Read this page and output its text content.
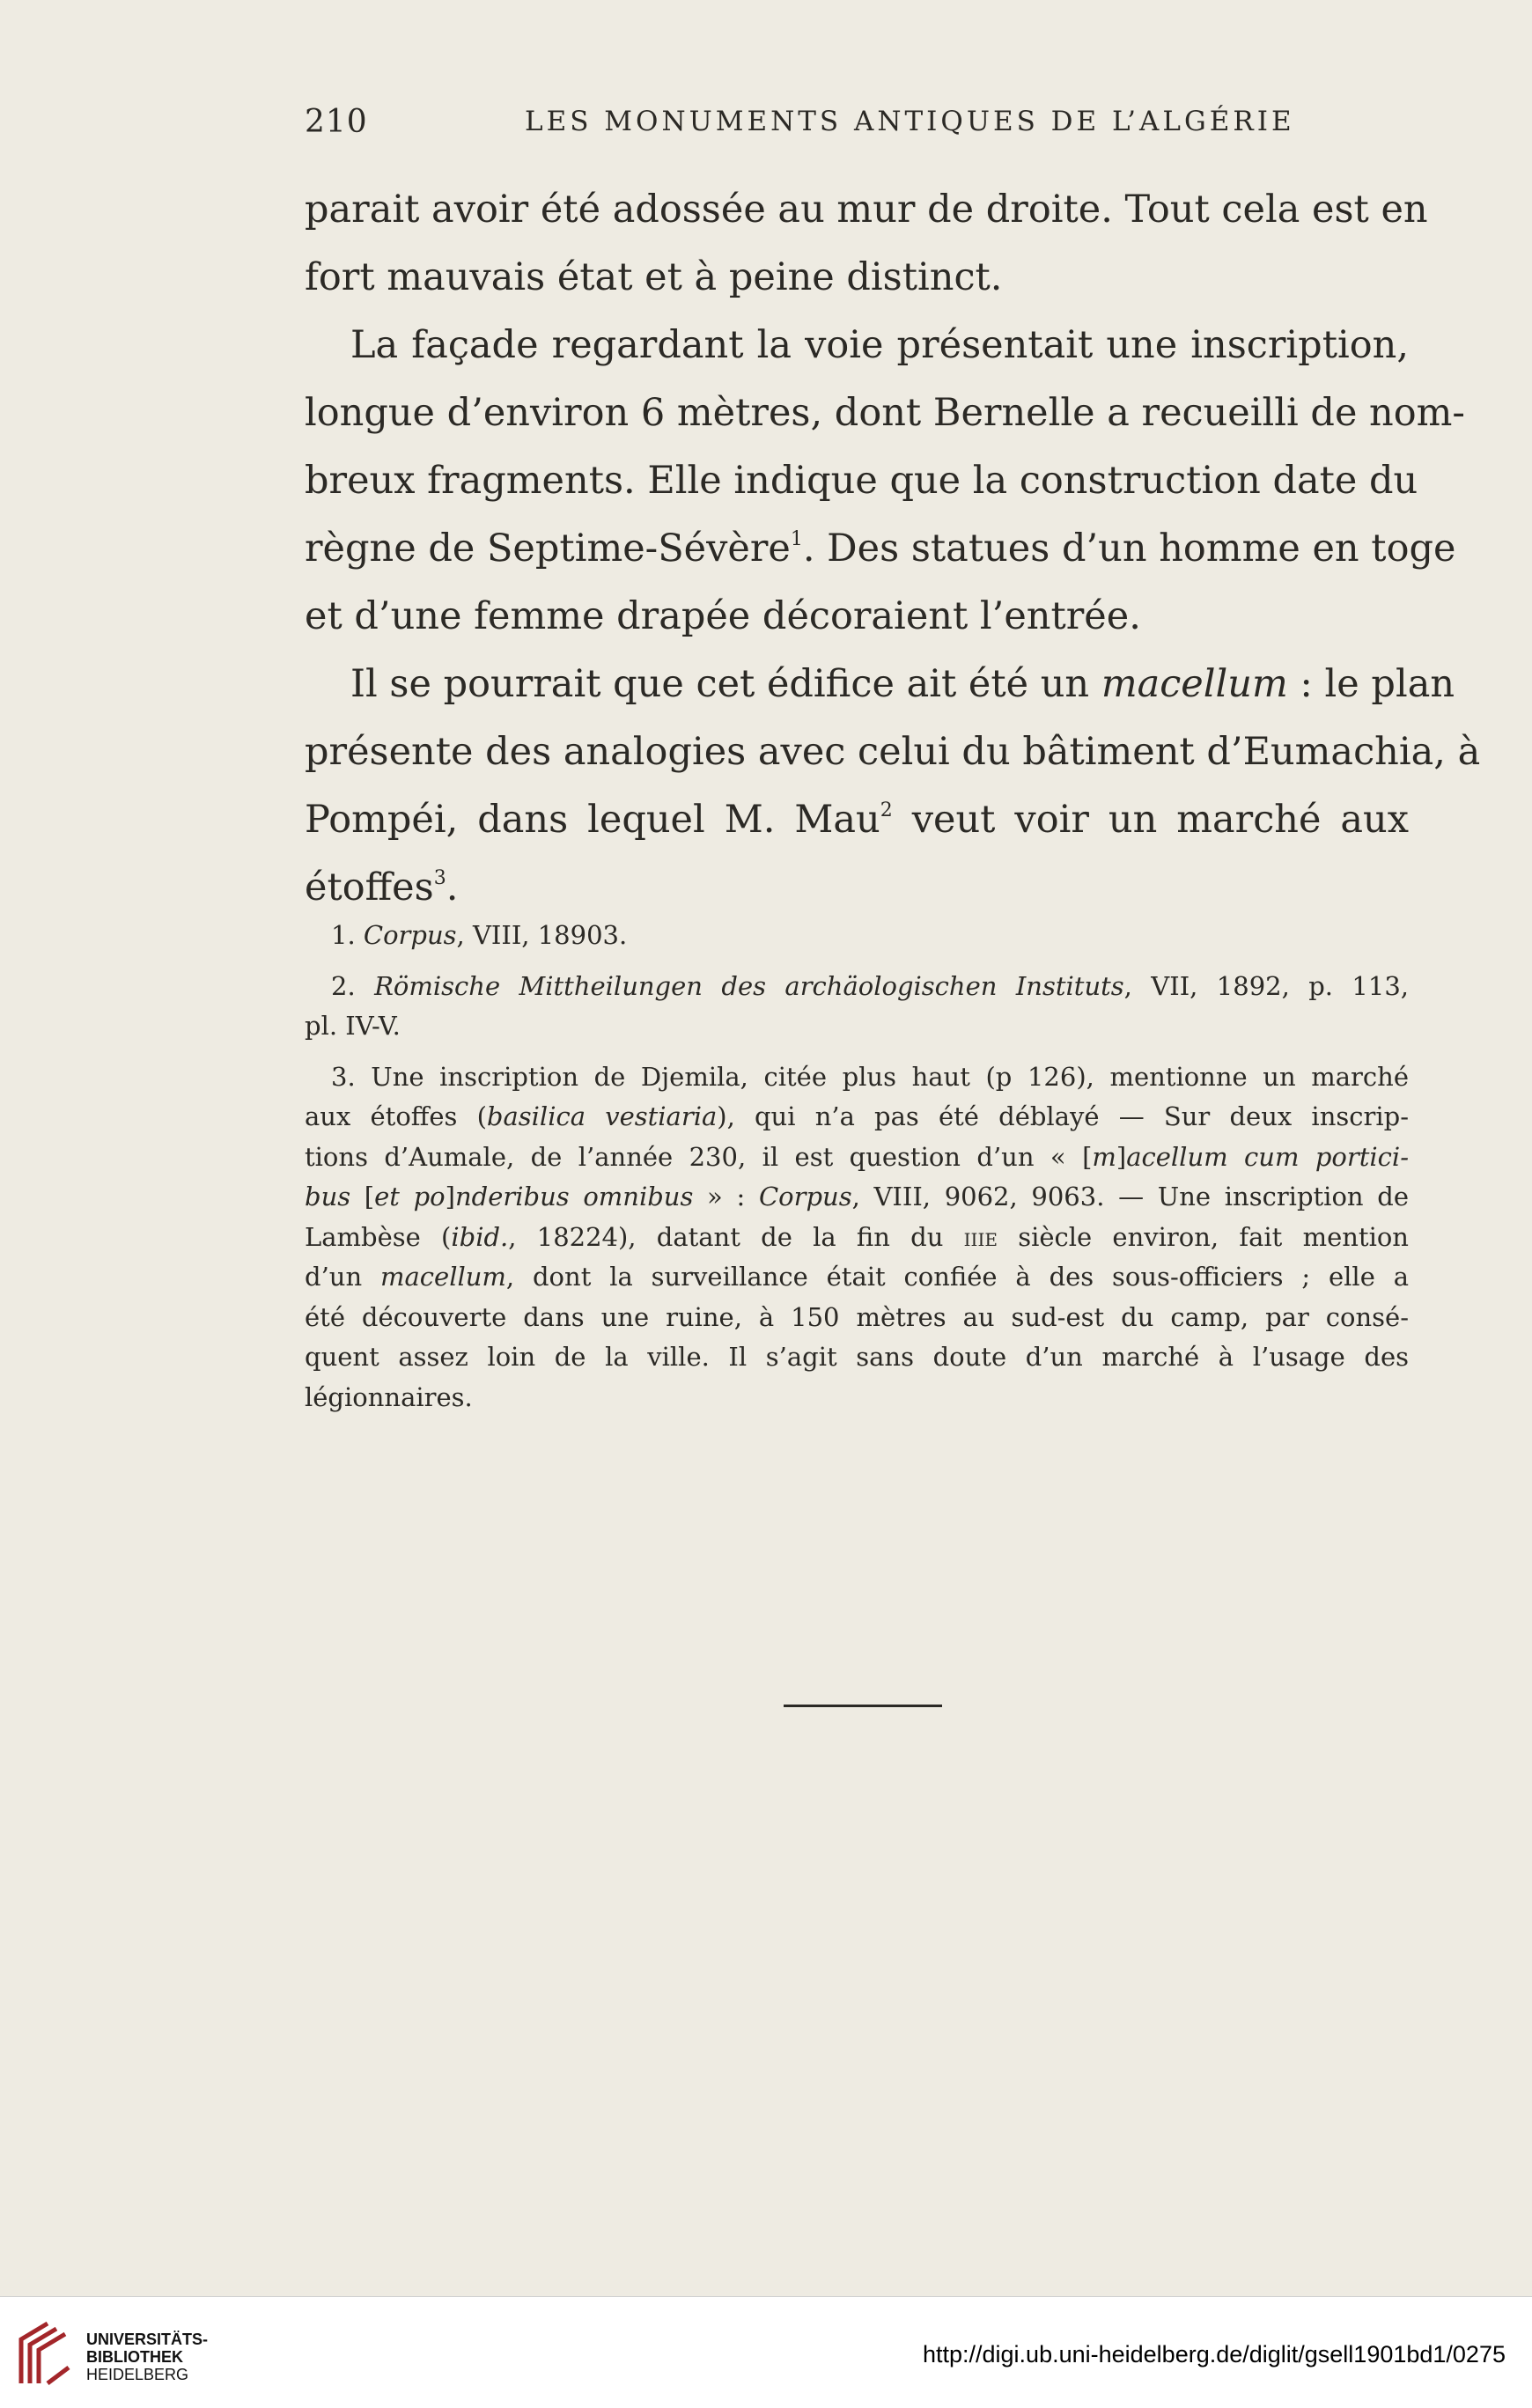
210	LES MONUMENTS ANTIQUES DE L’ALGÉRIE

parait avoir été adossée au mur de droite. Tout cela est en
fort mauvais état et à peine distinct.

La façade regardant la voie présentait une inscription,
longue d’environ 6 mètres, dont Bernelle a recueilli de nom-
breux fragments. Elle indique que la construction date du
règne de Septime-Sévère$^1$. Des statues d’un homme en toge
et d’une femme drapée décoraient l’entrée.

Il se pourrait que cet édifice ait été un macellum : le plan
présente des analogies avec celui du bâtiment d’Eumachia, à
Pompéi, dans lequel M. Mau$^2$ veut voir un marché aux
étoffes$^3$.

1. Corpus, VIII, 18903.
2. Römische Mittheilungen des archäologischen Instituts, VII, 1892, p. 113,
pl. IV-V.
3. Une inscription de Djemila, citée plus haut (p 126), mentionne un marché
aux étoffes (basilica vestiaria), qui n’a pas été déblayé — Sur deux inscrip-
tions d’Aumale, de l’année 230, il est question d’un « [m]acellum cum portici-
bus [et po]nderibus omnibus » : Corpus, VIII, 9062, 9063. — Une inscription de
Lambèse (ibid., 18224), datant de la fin du iiie siècle environ, fait mention
d’un macellum, dont la surveillance était confiée à des sous-officiers ; elle a
été découverte dans une ruine, à 150 mètres au sud-est du camp, par consé-
quent assez loin de la ville. Il s’agit sans doute d’un marché à l’usage des
légionnaires.
UNIVERSITÄTS-
BIBLIOTHEK
HEIDELBERG
http://digi.ub.uni-heidelberg.de/diglit/gsell1901bd1/0275
